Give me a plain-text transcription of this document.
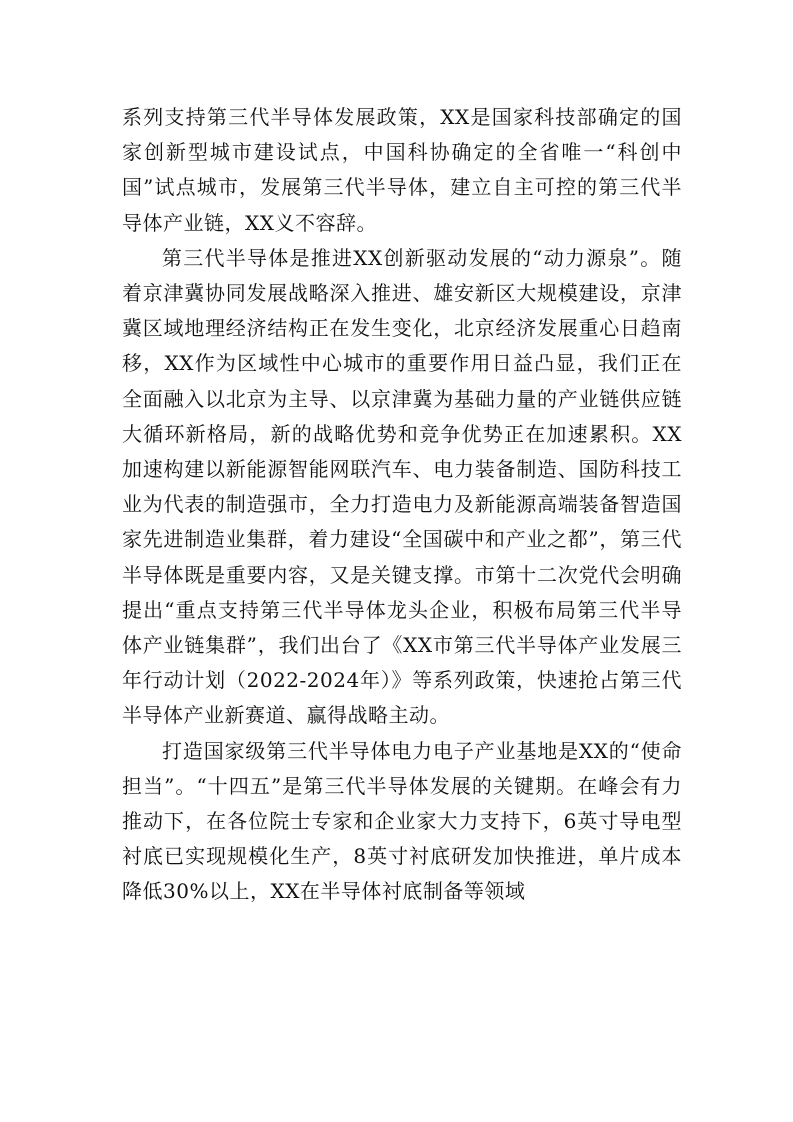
系列支持第三代半导体发展政策，XX是国家科技部确定的国家创新型城市建设试点，中国科协确定的全省唯一“科创中国”试点城市，发展第三代半导体，建立自主可控的第三代半导体产业链，XX义不容辞。

第三代半导体是推进XX创新驱动发展的“动力源泉”。随着京津冀协同发展战略深入推进、雄安新区大规模建设，京津冀区域地理经济结构正在发生变化，北京经济发展重心日趋南移，XX作为区域性中心城市的重要作用日益凸显，我们正在全面融入以北京为主导、以京津冀为基础力量的产业链供应链大循环新格局，新的战略优势和竞争优势正在加速累积。XX加速构建以新能源智能网联汽车、电力装备制造、国防科技工业为代表的制造强市，全力打造电力及新能源高端装备智造国家先进制造业集群，着力建设“全国碳中和产业之都”，第三代半导体既是重要内容，又是关键支撑。市第十二次党代会明确提出“重点支持第三代半导体龙头企业，积极布局第三代半导体产业链集群”，我们出台了《XX市第三代半导体产业发展三年行动计划（2022-2024年）》等系列政策，快速抢占第三代半导体产业新赛道、赢得战略主动。

打造国家级第三代半导体电力电子产业基地是XX的“使命担当”。“十四五”是第三代半导体发展的关键期。在峰会有力推动下，在各位院士专家和企业家大力支持下，6英寸导电型衬底已实现规模化生产，8英寸衬底研发加快推进，单片成本降低30%以上，XX在半导体衬底制备等领域
